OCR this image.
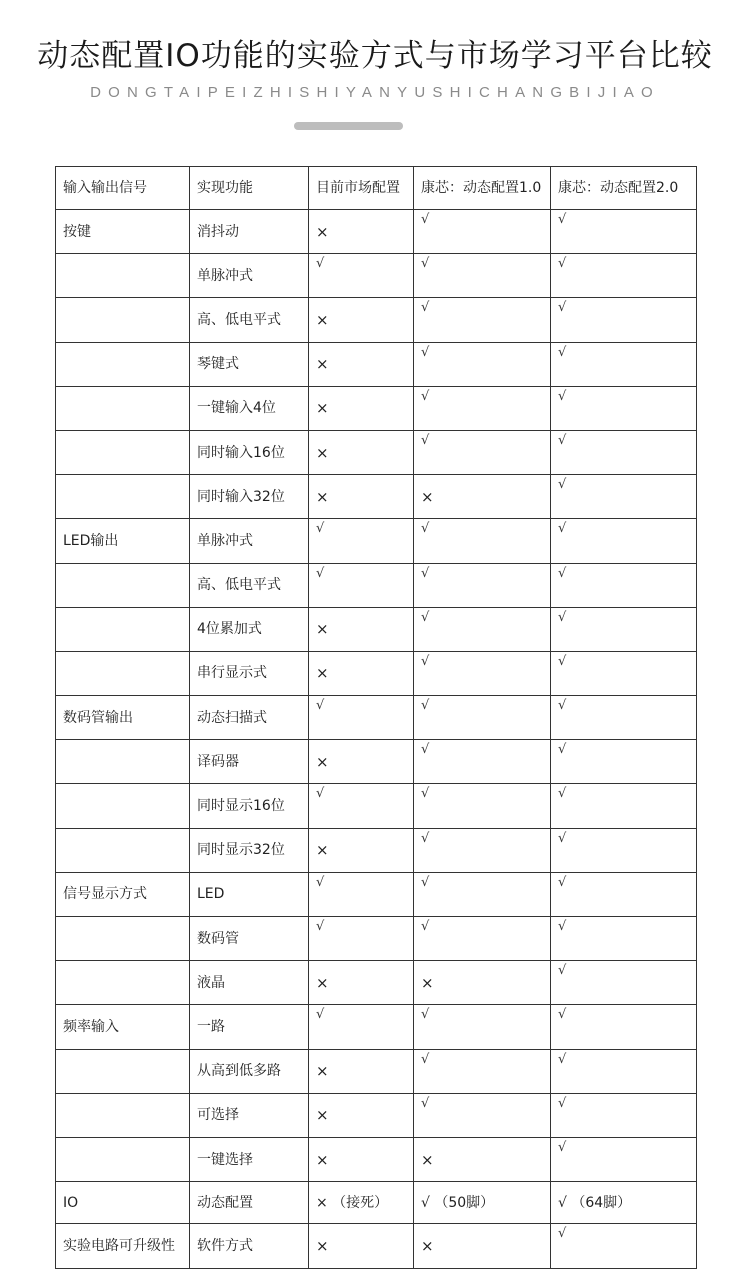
动态配置IO功能的实验方式与市场学习平台比较
DONGTAIPEIZHISHIYANYUSHICHANGBIJIAO
输入输出信号	实现功能	目前市场配置	康芯：动态配置1.0	康芯：动态配置2.0
按键	消抖动	×	√	√
	单脉冲式	√	√	√
	高、低电平式	×	√	√
	琴键式	×	√	√
	一键输入4位	×	√	√
	同时输入16位	×	√	√
	同时输入32位	×	×	√
LED输出	单脉冲式	√	√	√
	高、低电平式	√	√	√
	4位累加式	×	√	√
	串行显示式	×	√	√
数码管输出	动态扫描式	√	√	√
	译码器	×	√	√
	同时显示16位	√	√	√
	同时显示32位	×	√	√
信号显示方式	LED	√	√	√
	数码管	√	√	√
	液晶	×	×	√
频率输入	一路	√	√	√
	从高到低多路	×	√	√
	可选择	×	√	√
	一键选择	×	×	√
IO	动态配置	× （接死）	√ （50脚）	√ （64脚）
实验电路可升级性	软件方式	×	×	√
